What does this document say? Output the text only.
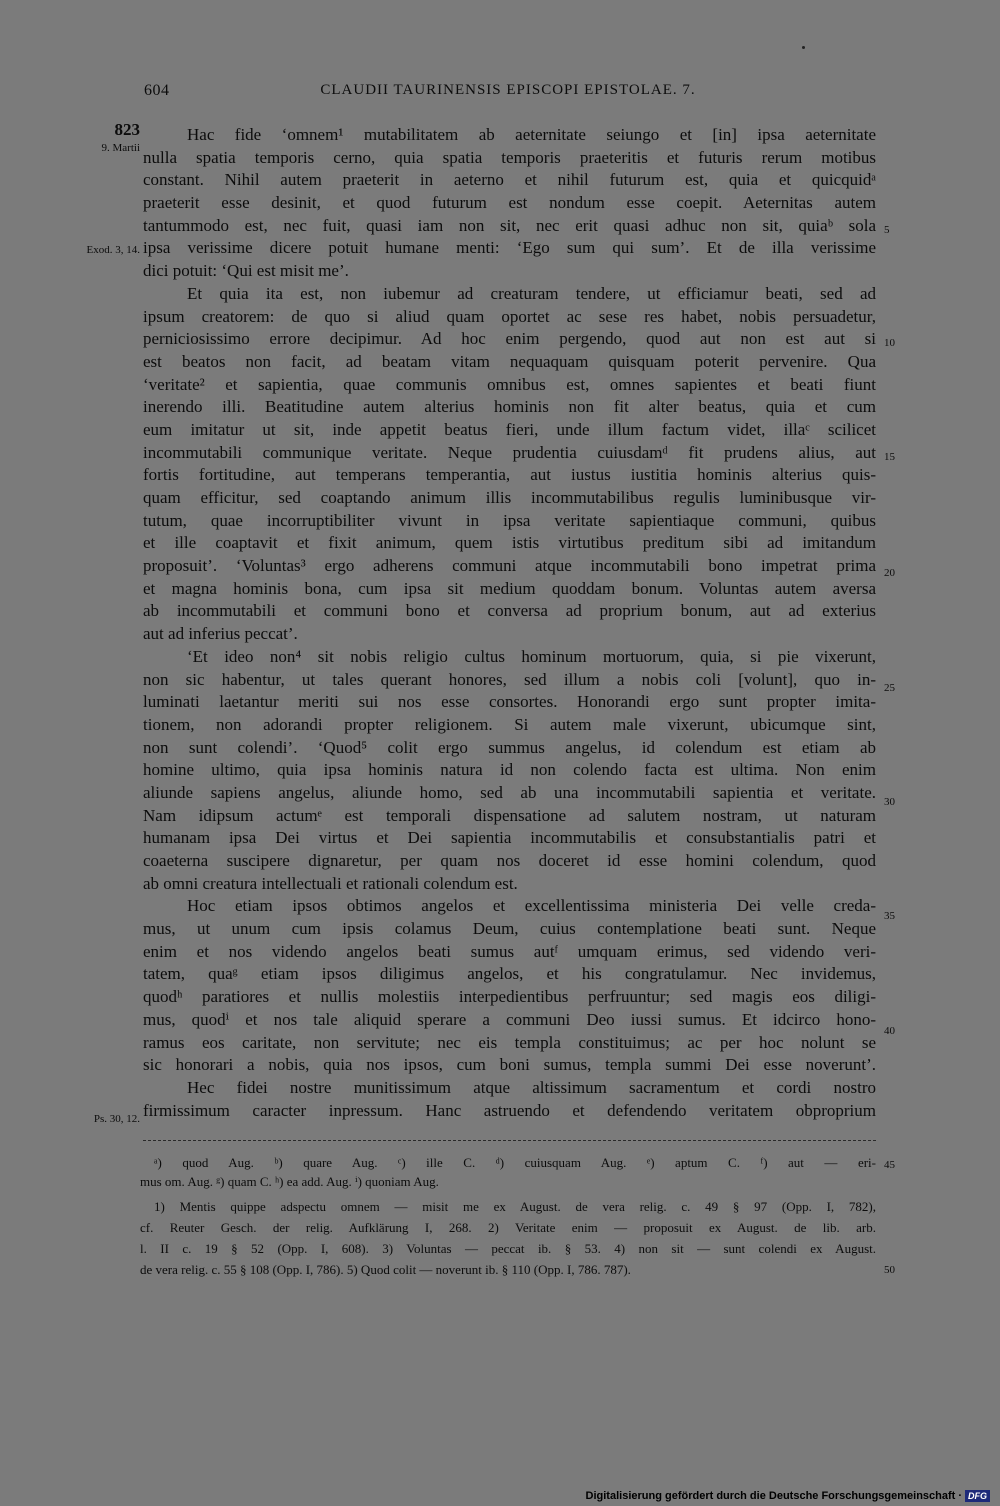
604	CLAUDII TAURINENSIS EPISCOPI EPISTOLAE. 7.
823
9. Martii
Exod. 3, 14.
Ps. 30, 12.
5
10
15
20
25
30
35
40
45
50
Hac fide ‘omnem¹ mutabilitatem ab aeternitate seiungo et [in] ipsa aeternitate
nulla spatia temporis cerno, quia spatia temporis praeteritis et futuris rerum motibus
constant. Nihil autem praeterit in aeterno et nihil futurum est, quia et quicquidᵃ
praeterit esse desinit, et quod futurum est nondum esse coepit. Aeternitas autem
tantummodo est, nec fuit, quasi iam non sit, nec erit quasi adhuc non sit, quiaᵇ sola
ipsa verissime dicere potuit humane menti: ‘Ego sum qui sum’. Et de illa verissime
dici potuit: ‘Qui est misit me’.
Et quia ita est, non iubemur ad creaturam tendere, ut efficiamur beati, sed ad
ipsum creatorem: de quo si aliud quam oportet ac sese res habet, nobis persuadetur,
perniciosissimo errore decipimur. Ad hoc enim pergendo, quod aut non est aut si
est beatos non facit, ad beatam vitam nequaquam quisquam poterit pervenire. Qua
‘veritate² et sapientia, quae communis omnibus est, omnes sapientes et beati fiunt
inerendo illi. Beatitudine autem alterius hominis non fit alter beatus, quia et cum
eum imitatur ut sit, inde appetit beatus fieri, unde illum factum videt, illaᶜ scilicet
incommutabili communique veritate. Neque prudentia cuiusdamᵈ fit prudens alius, aut
fortis fortitudine, aut temperans temperantia, aut iustus iustitia hominis alterius quis-
quam efficitur, sed coaptando animum illis incommutabilibus regulis luminibusque vir-
tutum, quae incorruptibiliter vivunt in ipsa veritate sapientiaque communi, quibus
et ille coaptavit et fixit animum, quem istis virtutibus preditum sibi ad imitandum
proposuit’. ‘Voluntas³ ergo adherens communi atque incommutabili bono impetrat prima
et magna hominis bona, cum ipsa sit medium quoddam bonum. Voluntas autem aversa
ab incommutabili et communi bono et conversa ad proprium bonum, aut ad exterius
aut ad inferius peccat’.
‘Et ideo non⁴ sit nobis religio cultus hominum mortuorum, quia, si pie vixerunt,
non sic habentur, ut tales querant honores, sed illum a nobis coli [volunt], quo in-
luminati laetantur meriti sui nos esse consortes. Honorandi ergo sunt propter imita-
tionem, non adorandi propter religionem. Si autem male vixerunt, ubicumque sint,
non sunt colendi’. ‘Quod⁵ colit ergo summus angelus, id colendum est etiam ab
homine ultimo, quia ipsa hominis natura id non colendo facta est ultima. Non enim
aliunde sapiens angelus, aliunde homo, sed ab una incommutabili sapientia et veritate.
Nam idipsum actumᵉ est temporali dispensatione ad salutem nostram, ut naturam
humanam ipsa Dei virtus et Dei sapientia incommutabilis et consubstantialis patri et
coaeterna suscipere dignaretur, per quam nos doceret id esse homini colendum, quod
ab omni creatura intellectuali et rationali colendum est.
Hoc etiam ipsos obtimos angelos et excellentissima ministeria Dei velle creda-
mus, ut unum cum ipsis colamus Deum, cuius contemplatione beati sunt. Neque
enim et nos videndo angelos beati sumus autᶠ umquam erimus, sed videndo veri-
tatem, quaᵍ etiam ipsos diligimus angelos, et his congratulamur. Nec invidemus,
quodʰ paratiores et nullis molestiis interpedientibus perfruuntur; sed magis eos diligi-
mus, quodⁱ et nos tale aliquid sperare a communi Deo iussi sumus. Et idcirco hono-
ramus eos caritate, non servitute; nec eis templa constituimus; ac per hoc nolunt se
sic honorari a nobis, quia nos ipsos, cum boni sumus, templa summi Dei esse noverunt’.
Hec fidei nostre munitissimum atque altissimum sacramentum et cordi nostro
firmissimum caracter inpressum. Hanc astruendo et defendendo veritatem obproprium
ᵃ) quod Aug. ᵇ) quare Aug. ᶜ) ille C. ᵈ) cuiusquam Aug. ᵉ) aptum C. ᶠ) aut — eri-
mus om. Aug. ᵍ) quam C. ʰ) ea add. Aug. ⁱ) quoniam Aug.
1) Mentis quippe adspectu omnem — misit me ex August. de vera relig. c. 49 § 97 (Opp. I, 782),
cf. Reuter Gesch. der relig. Aufklärung I, 268. 2) Veritate enim — proposuit ex August. de lib. arb.
l. II c. 19 § 52 (Opp. I, 608). 3) Voluntas — peccat ib. § 53. 4) non sit — sunt colendi ex August.
de vera relig. c. 55 § 108 (Opp. I, 786). 5) Quod colit — noverunt ib. § 110 (Opp. I, 786. 787).
Digitalisierung gefördert durch die Deutsche Forschungsgemeinschaft · DFG
